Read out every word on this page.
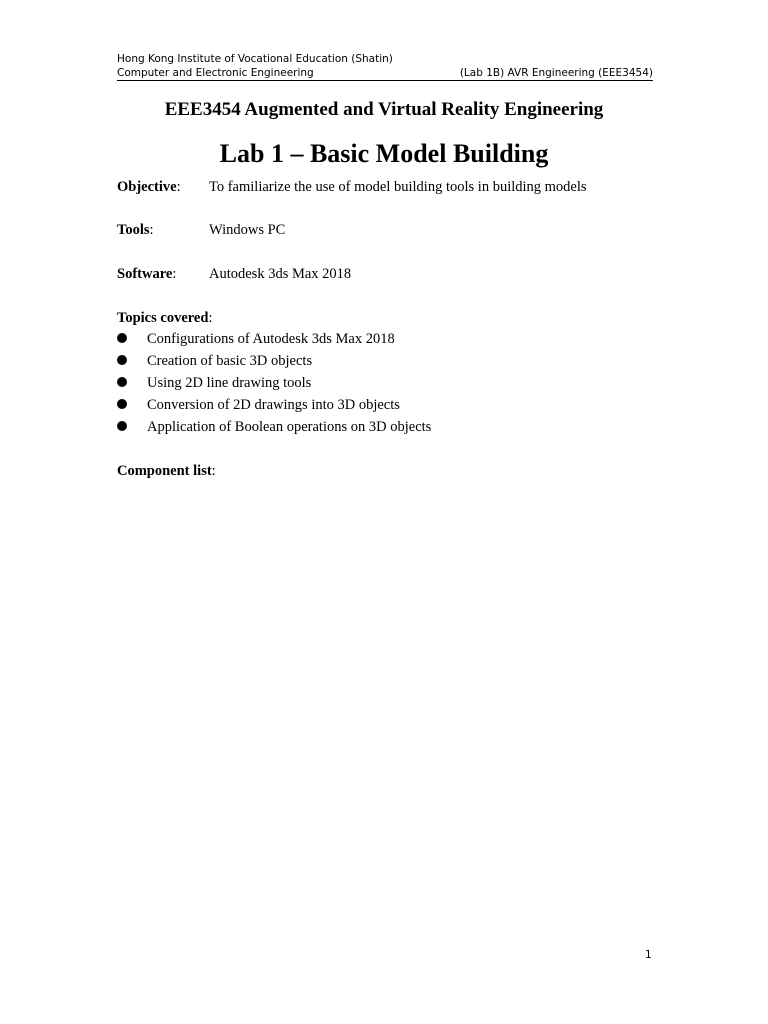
Hong Kong Institute of Vocational Education (Shatin)
Computer and Electronic Engineering	(Lab 1B) AVR Engineering (EEE3454)
EEE3454 Augmented and Virtual Reality Engineering
Lab 1 – Basic Model Building
Objective: To familiarize the use of model building tools in building models
Tools:	Windows PC
Software: Autodesk 3ds Max 2018
Topics covered:
Configurations of Autodesk 3ds Max 2018
Creation of basic 3D objects
Using 2D line drawing tools
Conversion of 2D drawings into 3D objects
Application of Boolean operations on 3D objects
Component list:
1
